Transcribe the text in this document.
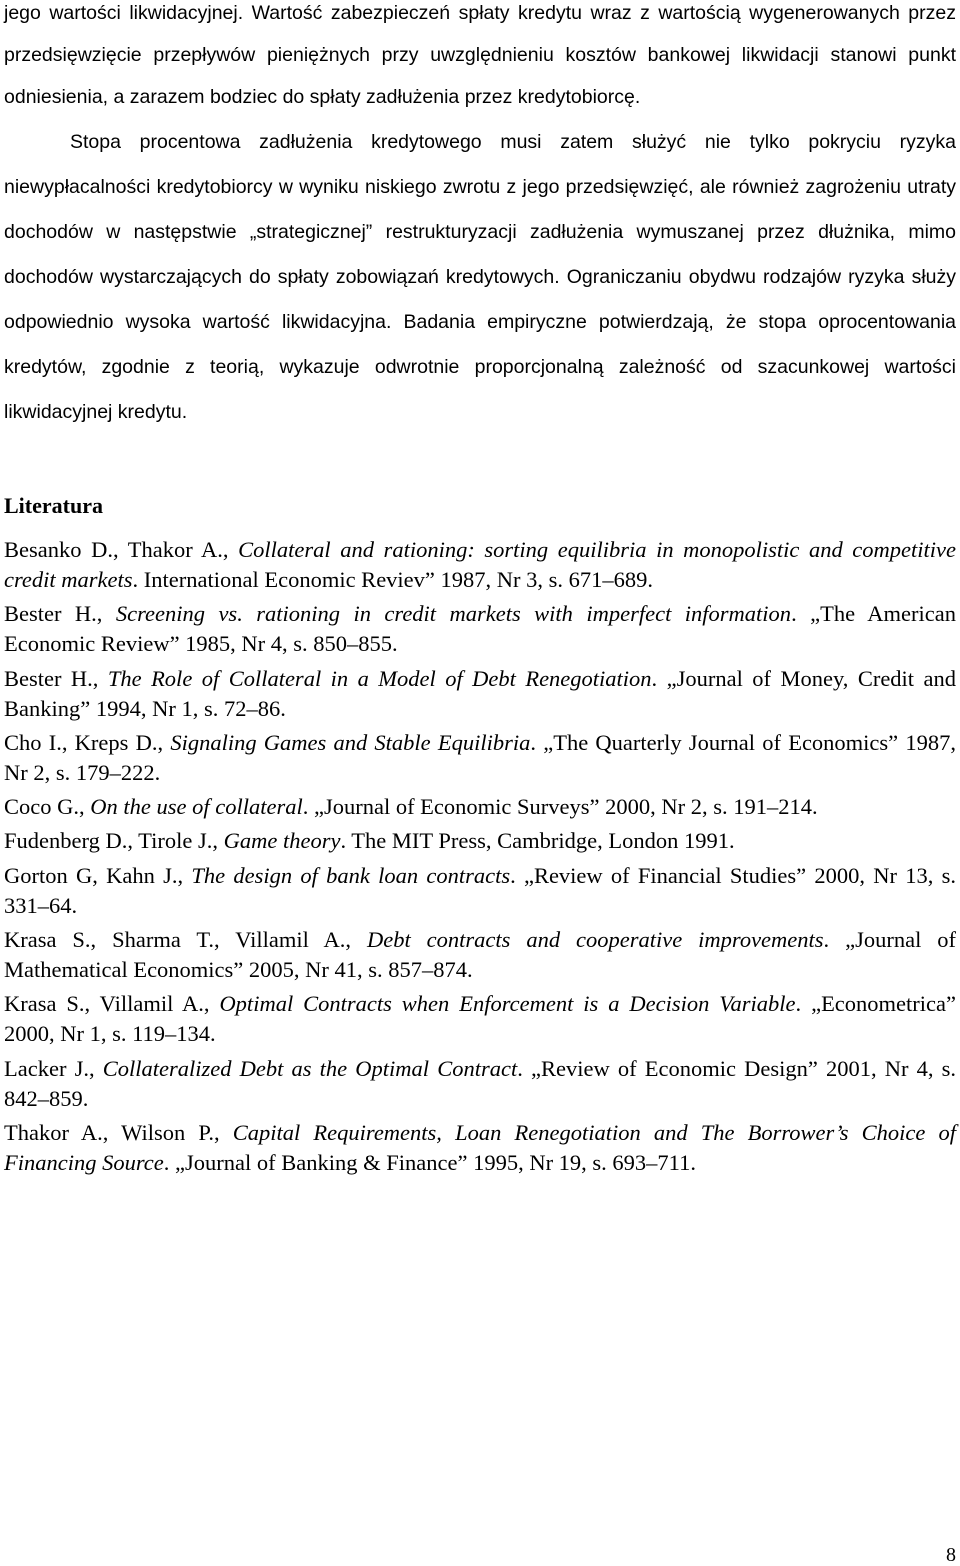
jego wartości likwidacyjnej. Wartość zabezpieczeń spłaty kredytu wraz z wartością wygenerowanych przez przedsięwzięcie przepływów pieniężnych przy uwzględnieniu kosztów bankowej likwidacji stanowi punkt odniesienia, a zarazem bodziec do spłaty zadłużenia przez kredytobiorcę.

Stopa procentowa zadłużenia kredytowego musi zatem służyć nie tylko pokryciu ryzyka niewypłacalności kredytobiorcy w wyniku niskiego zwrotu z jego przedsięwzięć, ale również zagrożeniu utraty dochodów w następstwie „strategicznej” restrukturyzacji zadłużenia wymuszanej przez dłużnika, mimo dochodów wystarczających do spłaty zobowiązań kredytowych. Ograniczaniu obydwu rodzajów ryzyka służy odpowiednio wysoka wartość likwidacyjna. Badania empiryczne potwierdzają, że stopa oprocentowania kredytów, zgodnie z teorią, wykazuje odwrotnie proporcjonalną zależność od szacunkowej wartości likwidacyjnej kredytu.

Literatura

Besanko D., Thakor A., Collateral and rationing: sorting equilibria in monopolistic and competitive credit markets. International Economic Reviev” 1987, Nr 3, s. 671–689.

Bester H., Screening vs. rationing in credit markets with imperfect information. „The American Economic Review” 1985, Nr 4, s. 850–855.

Bester H., The Role of Collateral in a Model of Debt Renegotiation. „Journal of Money, Credit and Banking” 1994, Nr 1, s. 72–86.

Cho I., Kreps D., Signaling Games and Stable Equilibria. „The Quarterly Journal of Economics” 1987, Nr 2, s. 179–222.

Coco G., On the use of collateral. „Journal of Economic Surveys” 2000, Nr 2, s. 191–214.

Fudenberg D., Tirole J., Game theory. The MIT Press, Cambridge, London 1991.

Gorton G, Kahn J., The design of bank loan contracts. „Review of Financial Studies” 2000, Nr 13, s. 331–64.

Krasa S., Sharma T., Villamil A., Debt contracts and cooperative improvements. „Journal of Mathematical Economics” 2005, Nr 41, s. 857–874.

Krasa S., Villamil A., Optimal Contracts when Enforcement is a Decision Variable. „Econometrica” 2000, Nr 1, s. 119–134.

Lacker J., Collateralized Debt as the Optimal Contract. „Review of Economic Design” 2001, Nr 4, s. 842–859.

Thakor A., Wilson P., Capital Requirements, Loan Renegotiation and The Borrower’s Choice of Financing Source. „Journal of Banking & Finance” 1995, Nr 19, s. 693–711.

8
